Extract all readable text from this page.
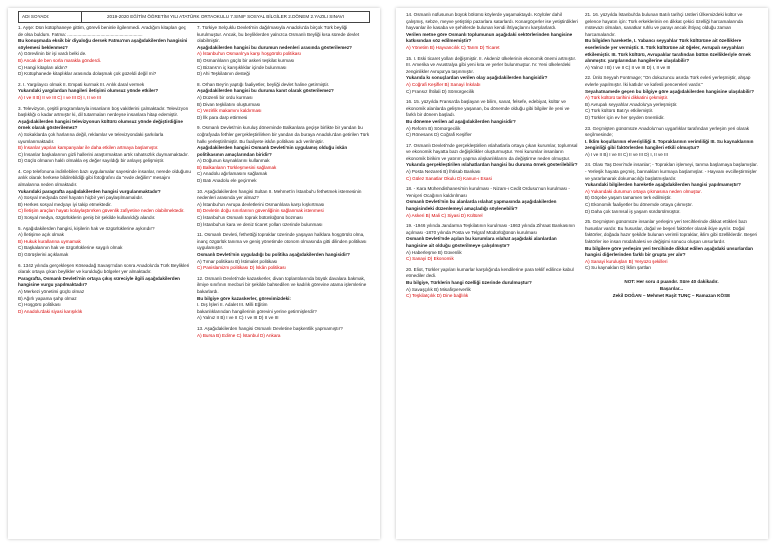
ADI SOYADI:	2019-2020 EĞİTİM ÖĞRETİM YILI ATATÜRK ORTAOKULU 7.SINIF SOSYAL BİLGİLER 2.DÖNEM 2.YAZILI SINAVI

1. Ayşe: Dün kütüphaneye gittim, görevli beninle ilgilenmedi. Aradığım kitapları geç de olsa buldum. Fatma: ...........................................................

Bu konuşmada eksik bir diyaloğu dersek Fatma'nın aşağıdakilerden hangisini söylemesi beklenmez?

A) Görevlinin bir işi vardı belki de.

B) Ancak de ben sorla marakla gönderdi.

C) Hangi kitapları aldın?

D) Kütüphanede kitaplıklar arasında dolaşmak çok güzeldi değil mi?

2. I. Yargılayıcı olmak II. Empati kurmak III. Anlık daral vermek

Yukarıdaki yargılardan hangileri iletişimi olumsuz yönde etkiler?

A) I ve II B) II ve III C) I ve III D) I, II ve III

3. Televizyon, çeşitli programlarıyla insanların boş vakitlerini çalmaktadır. Televizyon başlıklığı o kadar artmıştır ki, dil tutarmaları nerdeyse insanlara hitap edemiştir.

Aşağıdakilerden hangisi televizyonun kültürü olumsuz yönde değiştirdiğine örnek olarak gösterilemez?

A) Sokaklarda çok harlarına değil, reklamlar ve televizyondaki şarkılarla uyumlanmaktadır.

B) İnsanlar yapılan kampanyalar ile daha etkilen artmaya başlamıştır.

C) İnsanlar başkalarının gizli hallerini araştırmaktan artık rahatsızlık duymamaktadır.

D) Güçlü olmanın haklı olmakla eş değer sayıldığı bir anlayış gelişmiştir.

4. Cep telefonuna indirilebilen bazı uygulamalar sayesinde insanlar, nerede olduğunu anlık olarak herkese bildirebildiği gibi fotoğrafını da "evde değilim" mesajını almalarına neden olmaktadır.

Yukarıdaki paragrafta aşağıdakilerden hangisi vurgulanmaktadır?

A) Sosyal medyada özel hayatın hiçbir yeri paylaşılmamalıdır.

B) Herkes sosyal medyayı iyi takip etmektedir.

C) İletişim araçları hayatı kolaylaştırırken güvenlik zafiyetine neden olabilmektedir.

D) Sosyal medya, özgürlüklerin geniş bir şekilde kullanıldığı alandır.

5. Aşağıdakilerden hangisi, kişilerin hak ve özgürlüklerine aykırıdır?

A) İletişime açık olmak

B) Hukuk kurallarına uymamak

C) Başkalarının hak ve özgürlüklerine saygılı olmak

D) Görüşlerini açıklamak

6. 1342 yılında gerçekleşen Köseadağ Savaşı'ndan sonra Anadolu'da Türk Beylikleri olarak ortaya çıkan beylikler ve kurulduğu bölgeler yer almaktadır.

Paragrafta, Osmanlı Devleti'nin ortaya çıkış süreciyle ilgili aşağıdakilerden hangisine vurgu yapılmaktadır?

A) Merkezi yönetimi güçlü olmaz

B) Ağırlı yapama şahp olmaz

C) Hoşgörü politikası

D) Anadolu'daki siyasi karışıklık

7. Türkiye Selçuklu Devleti'nin dağılmasıyla Anadolu'da birçok Türk beyliği kurulmuştur. Ancak, bu beyliklerden yalnızca Osmanlı Beyliği kısa sürede devlet olabilmiştir.

Aşağıdakilerden hangisi bu durumun nedenleri arasında gösterilemez?

A) İstanbul'un Osmanlı'ya karşı hoşgörülü politikası

B) Osmanlıların güçlü bir askeri teşkilat kurması

C) Bizans'ın iç karışıklıklar içinde bulunması

D) Ahi Teşkilatının desteği

8. Orhan Bey'in yaptığı faaliyetler, beyliği devlet haline getirmiştir.

Aşağıdakilerden hangisi bu duruma kanıt olarak gösterilemez?

A) Düzenli bir ordu kurması

B) Divan teşkilatını oluşturması

C) Vezirlik makamını kaldırması

D) İlk para darp ettirmesi

9. Osmanlı Devleti'nin kuruluş döneminde Balkanlara geçişe birlikte bir yandan bu coğrafyada fethler gerçekleştirilirken bir yandan da buraya Anadolu'dan getirilen Türk halkı yerleştirilmiştir. Bu faaliyete iskân politikası adı verilmiştir.

Aşağıdakilerden hangisi Osmanlı Devleti'nin uygulamış olduğu iskân politikasının amaçlarından biridir?

A) Doğunun kaynaklarını kullanmak

B) Balkanların Türkleşmesini sağlamak

C) Anadolu ağırlamasını sağlamak

D) Batı Anadolu ele geçirmek

10. Aşağıdakilerden hangisi Sultan II. Mehmet'in İstanbul'u fethetmek istemesinin nedenleri arasında yer almaz?

A) İstanbul'un Avrupa devletlerini Osmanlılara karşı kışkırtması

B) Devletin doğu sınırlarının güvenliğinin sağlanmak istenmesi

C) İstanbul'un Osmanlı toprak bütünlüğünü bozması

D) İstanbul'un kara ve deniz ticaret yolları üzerinde bulunması

11. Osmanlı Devleti, fethettiği topraklar üzerinde yaşayan halklara hoşgörülü olma, inanç özgürlük tanıma ve geniş yönetimde otonom olmasında gitti dilinden politikası uygulamıştır.

Osmanlı Devleti'nin uyguladığı bu politika aşağıdakilerden hangisidir?

A) Tımar politikası B) İstimalet politikası

C) Panislamizm politikası D) İskân politikası

12. Osmanlı Devleti'nde kazaskerler, divan toplantılarında büyük davalara bakmak, ilmiye sınıfının mecburi bir şekilde bahsedilen ve kadılık görevine atama işlemlerine bakarlardı.

Bu bilgiye göre kazaskerler, görevimizdeki:

I. Dış İşleri II. Adalet III. Milli Eğitim

bakanlıklarından hangilerinin görevini yerine getirmişlerdir?

A) Yalnız II B) I ve II C) I ve III D) II ve III

13. Aşağıdakilerden hangisi Osmanlı Devletine başkentlik yapmamıştır?

A) Bursa B) Edirne C) İstanbul D) Ankara

14. Osmanlı nüfusunun büyük bölümü köylerde yaşamaktaydı. Köylüler dahil çalışmış, sebze, meyve yetiştirip pazarlara satarlardı. Konargöçerler ise yetiştirdikleri hayvanlar ile kasaba ve şehirlerde bulunan kendi ihtiyaçlarını karşılarlardı.

Verilen metne göre Osmanlı toplumunun aşağıdaki sektörlerinden hangisine katkısından söz edilmemiştir?

A) Yönetim B) Hayvancılık C) Tarım D) Ticaret

15. I. Eski ticaret yolları değişmiştir. II. Akdeniz ülkelerinin ekonomik önemi artmıştır. III. Amerika ve Avustralya gibi yeni kıta ve yerler bulunmuştur. IV. Yeni ülkelerdeki zenginlikler Avrupa'ya taşınmıştır.

Yukarıda kı sonuçlardan verilen olay aşağıdakilerden hangisidir?

A) Coğrafi Keşifler B) Sanayi İnkılabı

C) Fransız İhtilali D) Sömürgecilik

16. 15. yüzyılda Fransa'da başlayan ve bilim, sanat, felsefe, edebiyat, kültür ve ekonomik alanlarda gelişme yaşanan, bu dönemde olduğu gibi bilgiler ile yeni ve farklı bir dönem başladı.

Bu döneme verilen ad aşağıdakilerden hangisidir?

A) Reform B) Sömürgecilik

C) Rönesans D) Coğrafi Keşifler

17. Osmanlı Devleti'nde gerçekleştirilen ıslahatlarla ortaya çıkan kurumlar, toplumsal ve ekonomik hayatta bazı değişiklikler oluşturmuştur. Yeni kurumlar insanların ekonomik birikim ve yatırım yapma alışkanlıklarını da değiştirme neden olmuştur.

Yukarıda gerçekleştirilen ıslahatlardan hangisi bu duruma örnek gösterilebilir?

A) Posta Nezareti B) İhtisab Bankası

C) Gülez Sanatlar Okulu D) Kanun-ı Esasi

18. - Kara Mühendishanesi'nin kurulması - Nizam-ı Cedit Ordusu'nun kurulması - Yeniçeri Ocağının kaldırılması

Osmanlı Devleti'nin bu alanlarda ıslahat yapmasında aşağıdakilerden hangisindeki düzenlemeyi amaçladığı söylenebilir?

A) Askeri B) Mali C) Siyasi D) Kültürel

19. -1946 yılında Jandarma Teşkilatının kurulması -1863 yılında Zihraat Bankasının açılması -1870 yılında Posta ve Telgraf Müdürlüğünün kurulması

Osmanlı Devleti'nde açılan bu kurumlara ıslahat aşağıdaki alanlardan hangisine ait olduğu gösterilmeye çalışılmıştır?

A) Haberleşme B) Güvenlik

C) Sanayi D) Ekonomik

20. Eliot, Türkler yapıları kumarlar karşılığında kendilerine para teklif edilince kabul etmediler dedi.

Bu bilgiye, Türklerin hangi özelliği üzerinde durulmuştur?

A) Savaşçılık B) Misafirperverlik

C) Teşkilatçılık D) Dine bağlılık

21. 16. yüzyılda İstanbul'da bulunan Batılı tarihçi Ustleri Ülkemizdeki kültür ve gelence hayatın için: Türk erkeklerinin en dikkat çekici özelliği harcamalarında mütevazı olmaları, sanatkar ruhlu ve parayı ancak ihtiyaç olduğu zaman harcamalarıdır.

Bu bilgiden hareketle, I. Yabancı seyyahlar Türk kültürüne ait özelliklere eserlerinde yer vermiştir. II. Türk kültürüne ait öğeler, Avrupalı seyyahları etkilemiştir. III. Türk kültürü, Avrupalılar tarafından bütün özellikleriyle örnek alınmıştır. yargılarından hangilerine ulaşılabilir?

A) Yalnız I B) I ve II C) II ve III D) I, II ve III

22. Ünlü Seyyah Fontmage; "On dokuzuncu asırda Türk evleri yerleşmiştir, ahşap evlerle yapılmıştır. İki katlıdır ve kafesli pencereleri vardır."

Seyahatnamede geçen bu bilgiye göre aşağıdakilerden hangisine ulaşılabilir?

A) Türk kültürü tarihini dikkatini çekmiştir.

B) Avrupalı seyyahlar Anadolu'ya yerleşmiştir.

C) Türk kültürü Batı'yı etkilemiştir.

D) Türkler için ev her şeyden önemlidir.

23. Geçmişten günümüze Anadolu'nun uygarlıklar tarafından yerleşim yeri olarak seçilmesinde;

I. İklim koşullarının elverişliliği II. Topraklarının verimliliği III. Su kaynaklarının zenginliği gibi faktörlerden hangileri etkili olmuştur?

A) I ve II B) I ve III C) II ve III D) I, II ve III

24. Olası Taş Devri'nde insanlar; - Toprakları işlemeyi, tarıma başlamaya başlamışlar. - Yerleşik hayata geçmiş, barınakları kurmaya başlamışlar. - Hayvanı evcilleştirmişler ve yararlanarak dokumacılığı başlatmışlardır.

Yukarıdaki bilgilerden hareketle aşağıdakilerden hangisi yapılmamıştır?

A) Yukarıdaki durumun ortaya çıkmasına neden olmuştur.

B) Göçebe yaşam tamamen terk edilmiştir.

C) Ekonomik faaliyetler bu dönemde ortaya çıkmıştır.

D) Daha çok tarımsal iş yaşam sürdürülmüştür.

25. Geçmişten günümüze insanlar yerleşim yeri tercihlerinde dikkat ettikleri bazı hususlar vardır. Bu hususlar, doğal ve beşeri faktörler olarak ikiye ayrılır. Doğal faktörler, doğada hazır şekilde bulunan verimli topraklar, iklim gibi özelliklerdir. Beşeri faktörler ise insan müdahalesi ve değişimi sonucu oluşan unsurlardır.

Bu bilgilere göre yerleşim yeri tercihinde dikkat edilen aşağıdaki unsurlardan hangisi diğerlerinden farklı bir grupta yer alır?

A) Sanayi kuruluşları B) Yeryüzü şekilleri

C) Su kaynakları D) İklim şartları

NOT: Her soru 4 puandır. Süre 40 dakikadır.
Başarılar...
Zekil DOĞAN – Mehmet Raşit TUNÇ – Ramazan KÖSE
